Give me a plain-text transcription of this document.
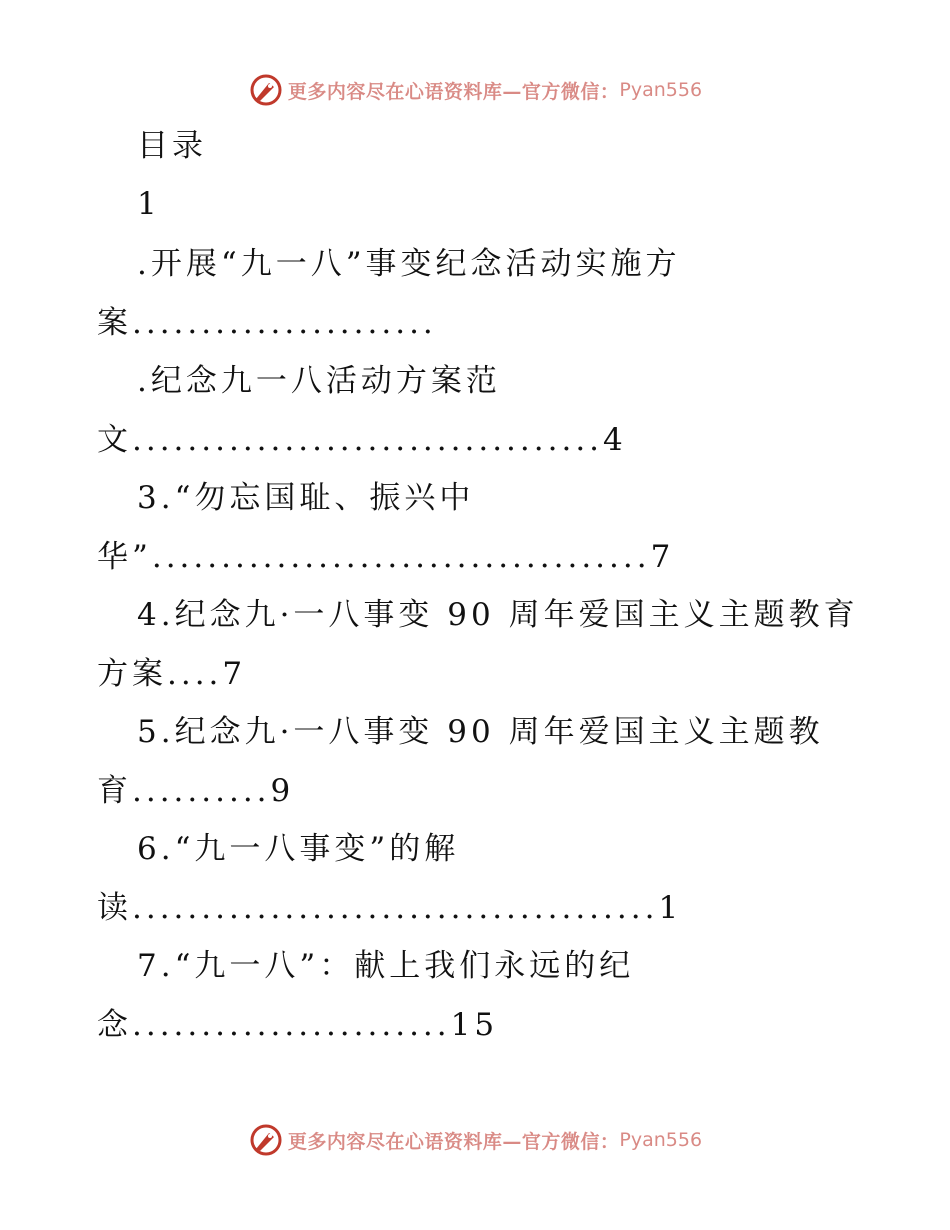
更多内容尽在心语资料库—官方微信： Pyan556
目录
1
.开展“九一八”事变纪念活动实施方
案......................
.纪念九一八活动方案范
文..................................4
3.“勿忘国耻、振兴中
华”....................................7
4.纪念九·一八事变 90 周年爱国主义主题教育
方案....7
5.纪念九·一八事变 90 周年爱国主义主题教
育..........9
6.“九一八事变”的解
读......................................1
7.“九一八”：献上我们永远的纪
念.......................15
更多内容尽在心语资料库—官方微信： Pyan556
